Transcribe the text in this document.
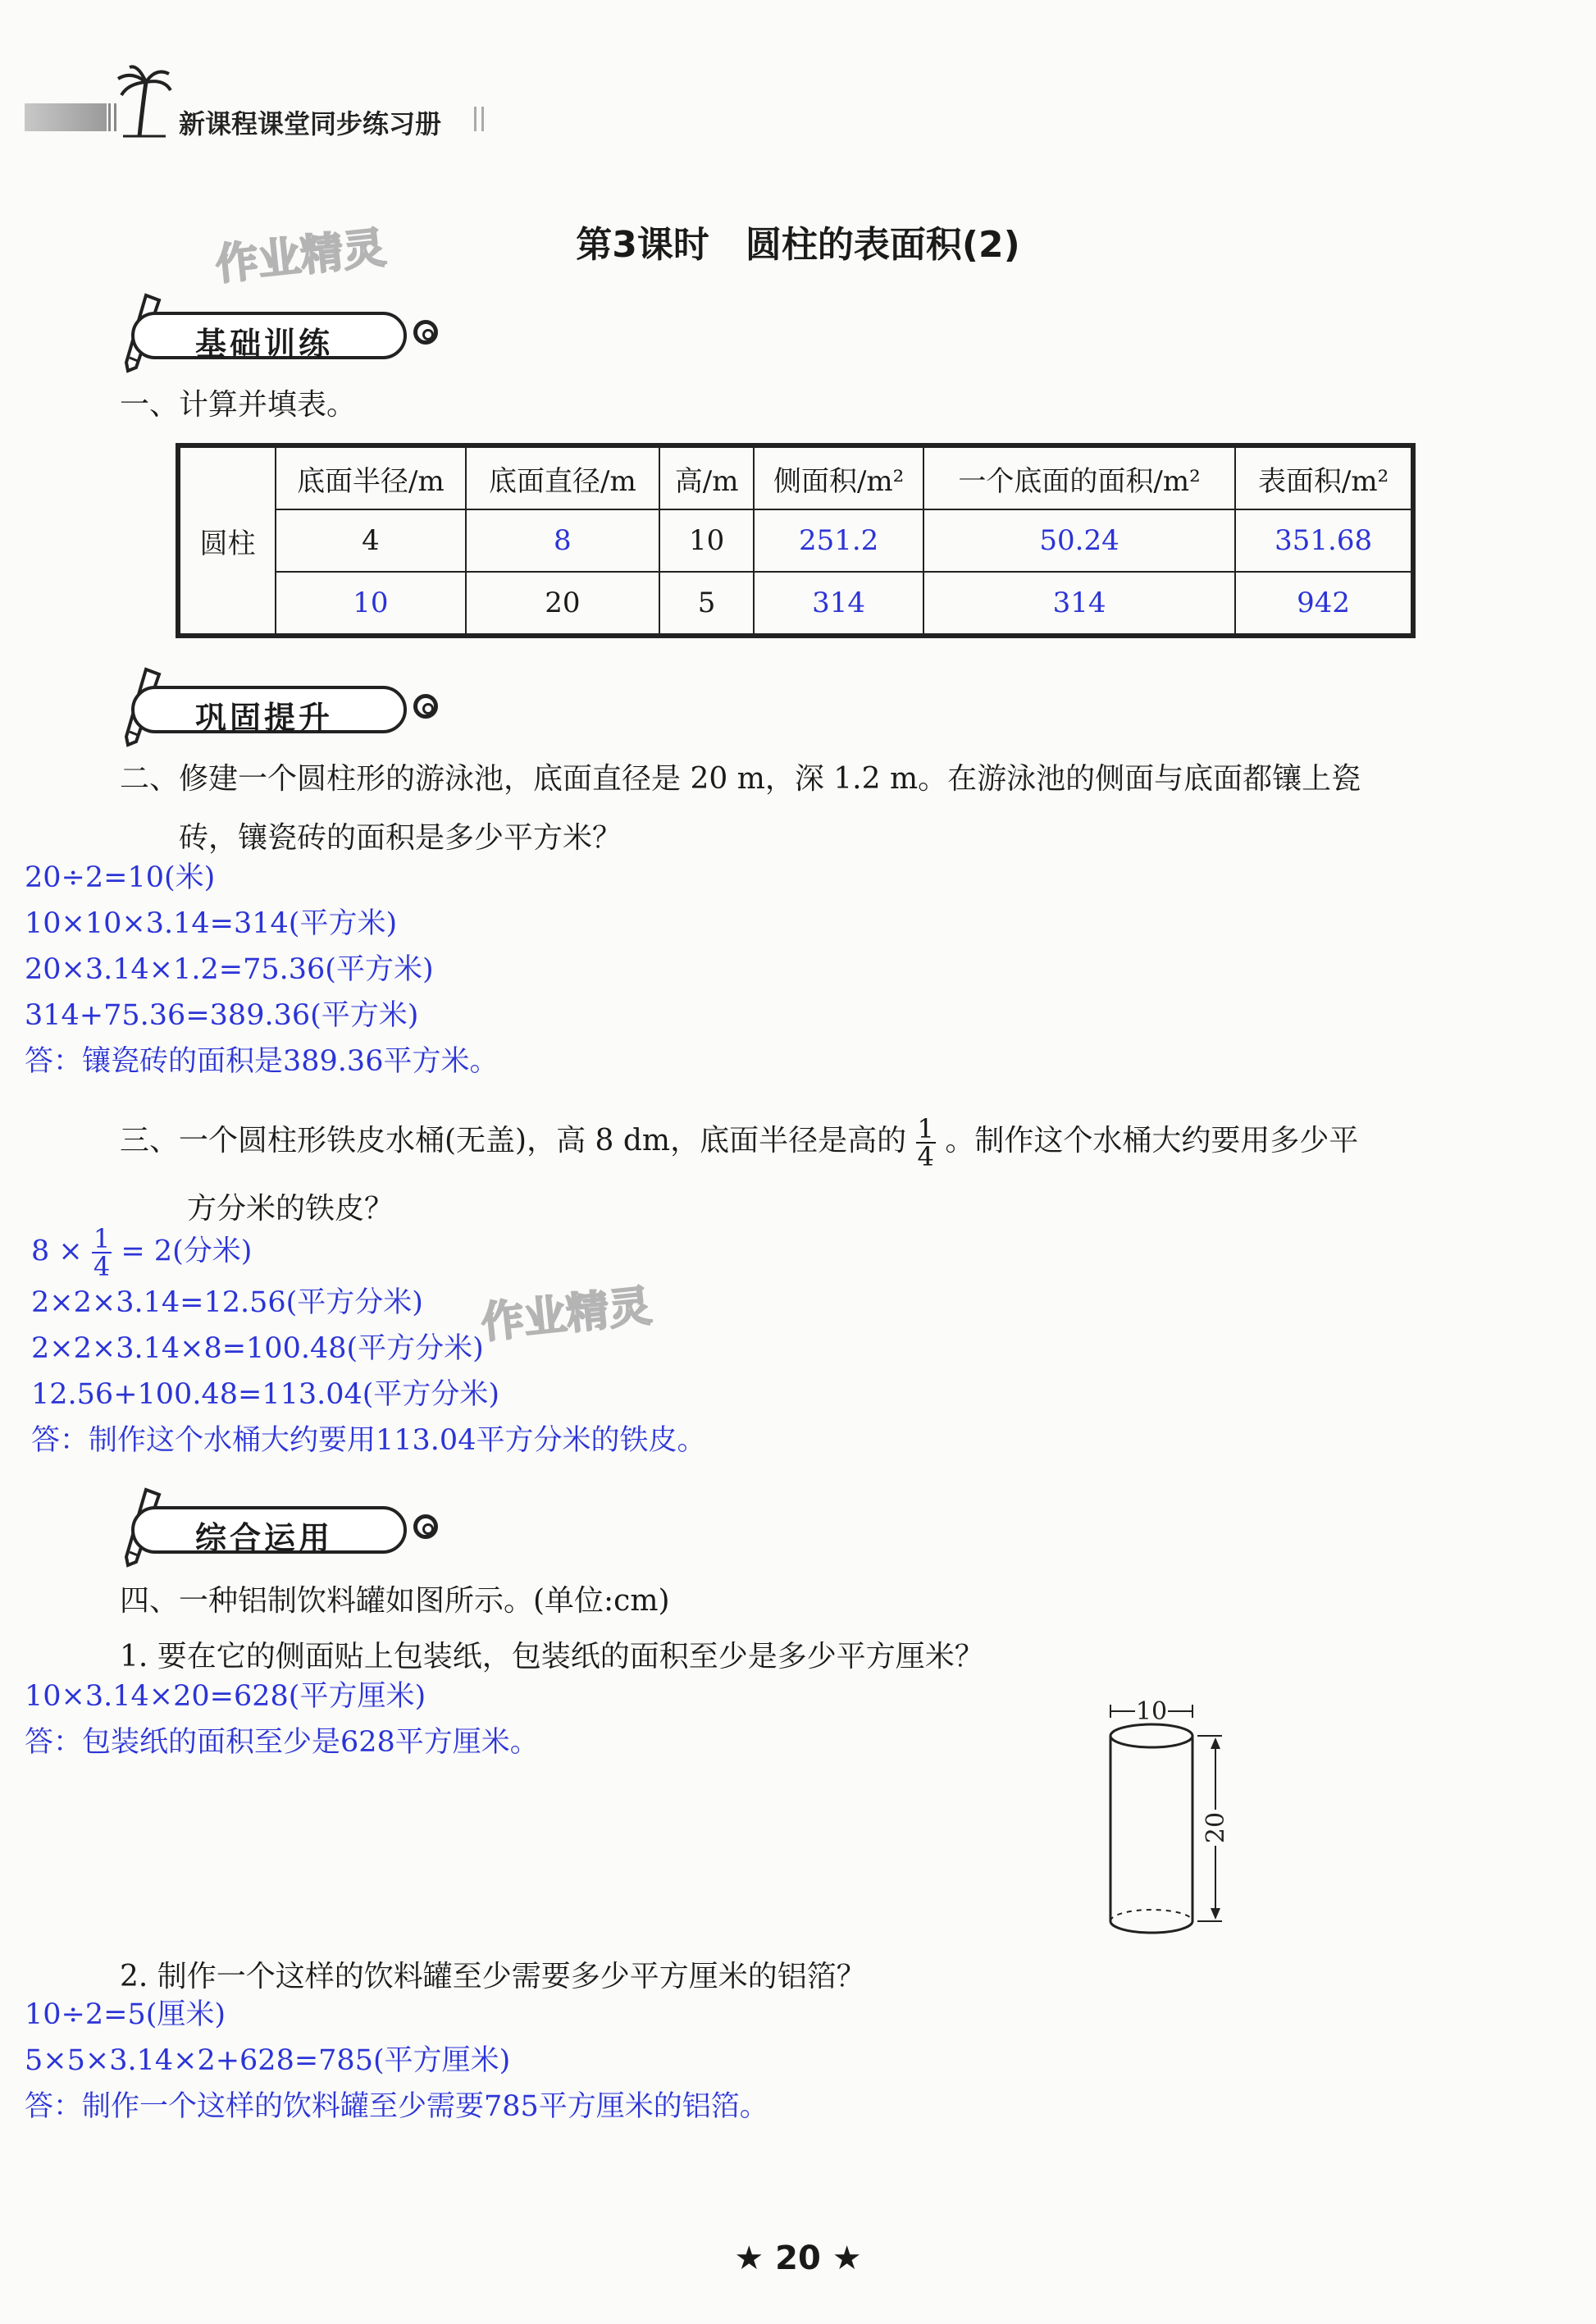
新课程课堂同步练习册
作业精灵
作业精灵
第3课时　圆柱的表面积(2)
基础训练
一、计算并填表。
圆柱	底面半径/m	底面直径/m	高/m	侧面积/m²	一个底面的面积/m²	表面积/m²
	4	8	10	251.2	50.24	351.68
	10	20	5	314	314	942
巩固提升
二、修建一个圆柱形的游泳池，底面直径是 20 m，深 1.2 m。在游泳池的侧面与底面都镶上瓷
砖，镶瓷砖的面积是多少平方米？
20÷2=10(米)
10×10×3.14=314(平方米)
20×3.14×1.2=75.36(平方米)
314+75.36=389.36(平方米)
答：镶瓷砖的面积是389.36平方米。
三、一个圆柱形铁皮水桶(无盖)，高 8 dm，底面半径是高的 $\frac{1}{4}$ 。制作这个水桶大约要用多少平
方分米的铁皮？
$8 \times \frac{1}{4} = 2$(分米)
2×2×3.14=12.56(平方分米)
2×2×3.14×8=100.48(平方分米)
12.56+100.48=113.04(平方分米)
答：制作这个水桶大约要用113.04平方分米的铁皮。
综合运用
四、一种铝制饮料罐如图所示。(单位:cm)
1. 要在它的侧面贴上包装纸，包装纸的面积至少是多少平方厘米？
10×3.14×20=628(平方厘米)
答：包装纸的面积至少是628平方厘米。
10
20
2. 制作一个这样的饮料罐至少需要多少平方厘米的铝箔？
10÷2=5(厘米)
5×5×3.14×2+628=785(平方厘米)
答：制作一个这样的饮料罐至少需要785平方厘米的铝箔。
★ 20 ★
